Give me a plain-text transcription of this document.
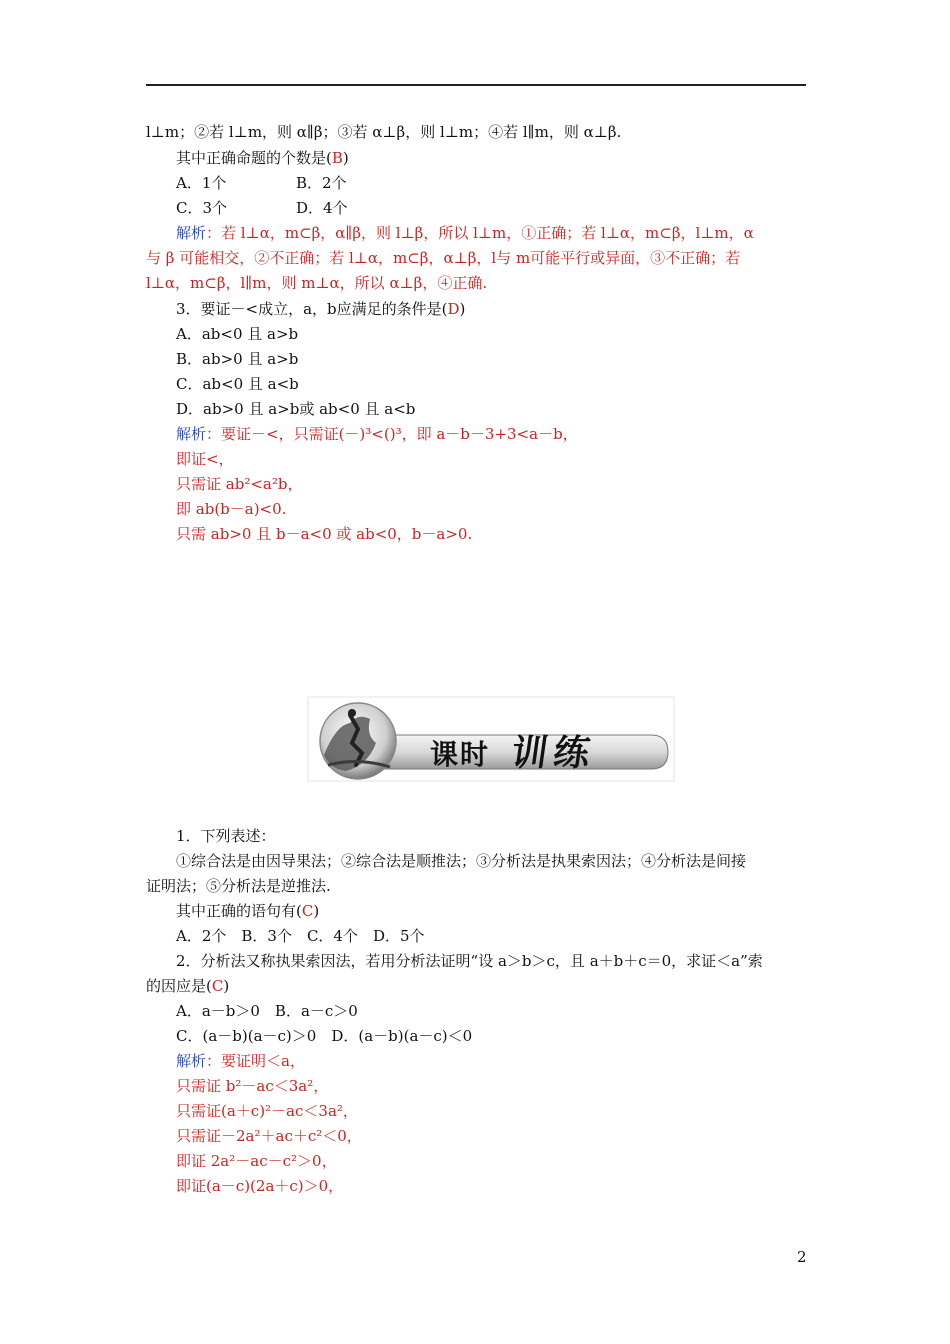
l⊥m；②若 l⊥m，则 α∥β；③若 α⊥β，则 l⊥m；④若 l∥m，则 α⊥β.
其中正确命题的个数是(B)
A．1个	B．2个
C．3个	D．4个
解析：若 l⊥α，m⊂β，α∥β，则 l⊥β，所以 l⊥m，①正确；若 l⊥α，m⊂β，l⊥m，α
与 β 可能相交，②不正确；若 l⊥α，m⊂β，α⊥β，l与 m可能平行或异面，③不正确；若
l⊥α，m⊂β，l∥m，则 m⊥α，所以 α⊥β，④正确.
3．要证－<成立，a，b应满足的条件是(D)
A．ab<0 且 a>b
B．ab>0 且 a>b
C．ab<0 且 a<b
D．ab>0 且 a>b或 ab<0 且 a<b
解析：要证－<，只需证(－)³<()³，即 a－b－3+3<a－b，
即证<，
只需证 ab²<a²b，
即 ab(b－a)<0.
只需 ab>0 且 b－a<0 或 ab<0，b－a>0.
课时 训练
1．下列表述：
①综合法是由因导果法；②综合法是顺推法；③分析法是执果索因法；④分析法是间接
证明法；⑤分析法是逆推法.
其中正确的语句有(C)
A．2个　B．3个　C．4个　D．5个
2．分析法又称执果索因法，若用分析法证明“设 a＞b＞c，且 a＋b＋c＝0，求证＜a”索
的因应是(C)
A．a－b＞0　B．a－c＞0
C．(a－b)(a－c)＞0　D．(a－b)(a－c)＜0
解析：要证明＜a，
只需证 b²－ac＜3a²，
只需证(a＋c)²－ac＜3a²，
只需证－2a²＋ac＋c²＜0，
即证 2a²－ac－c²＞0，
即证(a－c)(2a＋c)＞0，
2
